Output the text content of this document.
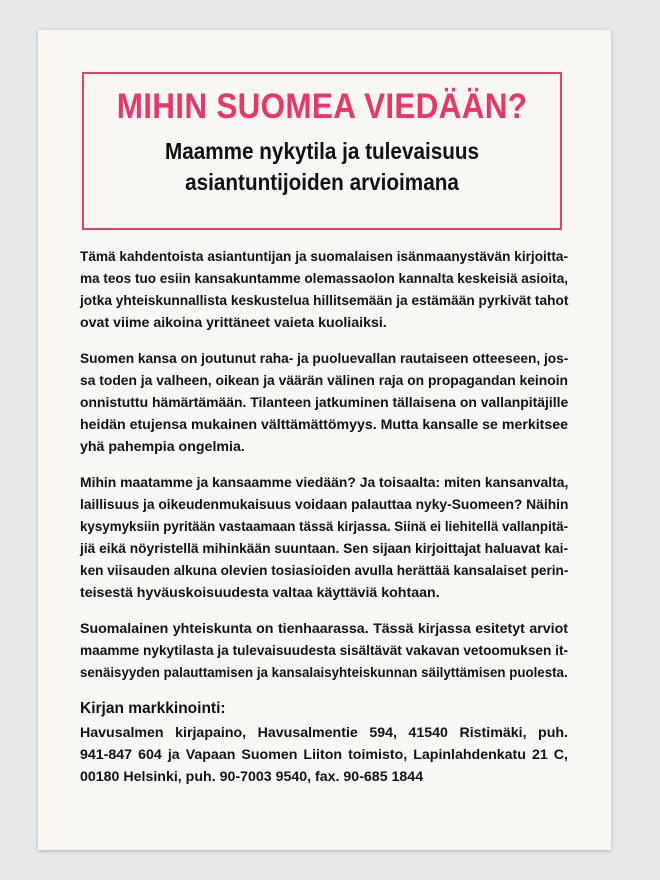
MIHIN SUOMEA VIEDÄÄN?
Maamme nykytila ja tulevaisuus
asiantuntijoiden arvioimana

Tämä kahdentoista asiantuntijan ja suomalaisen isänmaanystävän kirjoitta-
ma teos tuo esiin kansakuntamme olemassaolon kannalta keskeisiä asioita,
jotka yhteiskunnallista keskustelua hillitsemään ja estämään pyrkivät tahot
ovat viime aikoina yrittäneet vaieta kuoliaiksi.

Suomen kansa on joutunut raha- ja puoluevallan rautaiseen otteeseen, jos-
sa toden ja valheen, oikean ja väärän välinen raja on propagandan keinoin
onnistuttu hämärtämään. Tilanteen jatkuminen tällaisena on vallanpitäjille
heidän etujensa mukainen välttämättömyys. Mutta kansalle se merkitsee
yhä pahempia ongelmia.

Mihin maatamme ja kansaamme viedään? Ja toisaalta: miten kansanvalta,
laillisuus ja oikeudenmukaisuus voidaan palauttaa nyky-Suomeen? Näihin
kysymyksiin pyritään vastaamaan tässä kirjassa. Siinä ei liehitellä vallanpitä-
jiä eikä nöyristellä mihinkään suuntaan. Sen sijaan kirjoittajat haluavat kai-
ken viisauden alkuna olevien tosiasioiden avulla herättää kansalaiset perin-
teisestä hyväuskoisuudesta valtaa käyttäviä kohtaan.

Suomalainen yhteiskunta on tienhaarassa. Tässä kirjassa esitetyt arviot
maamme nykytilasta ja tulevaisuudesta sisältävät vakavan vetoomuksen it-
senäisyyden palauttamisen ja kansalaisyhteiskunnan säilyttämisen puolesta.

Kirjan markkinointi:

Havusalmen kirjapaino, Havusalmentie 594, 41540 Ristimäki, puh.
941-847 604 ja Vapaan Suomen Liiton toimisto, Lapinlahdenkatu 21 C,
00180 Helsinki, puh. 90-7003 9540, fax. 90-685 1844
